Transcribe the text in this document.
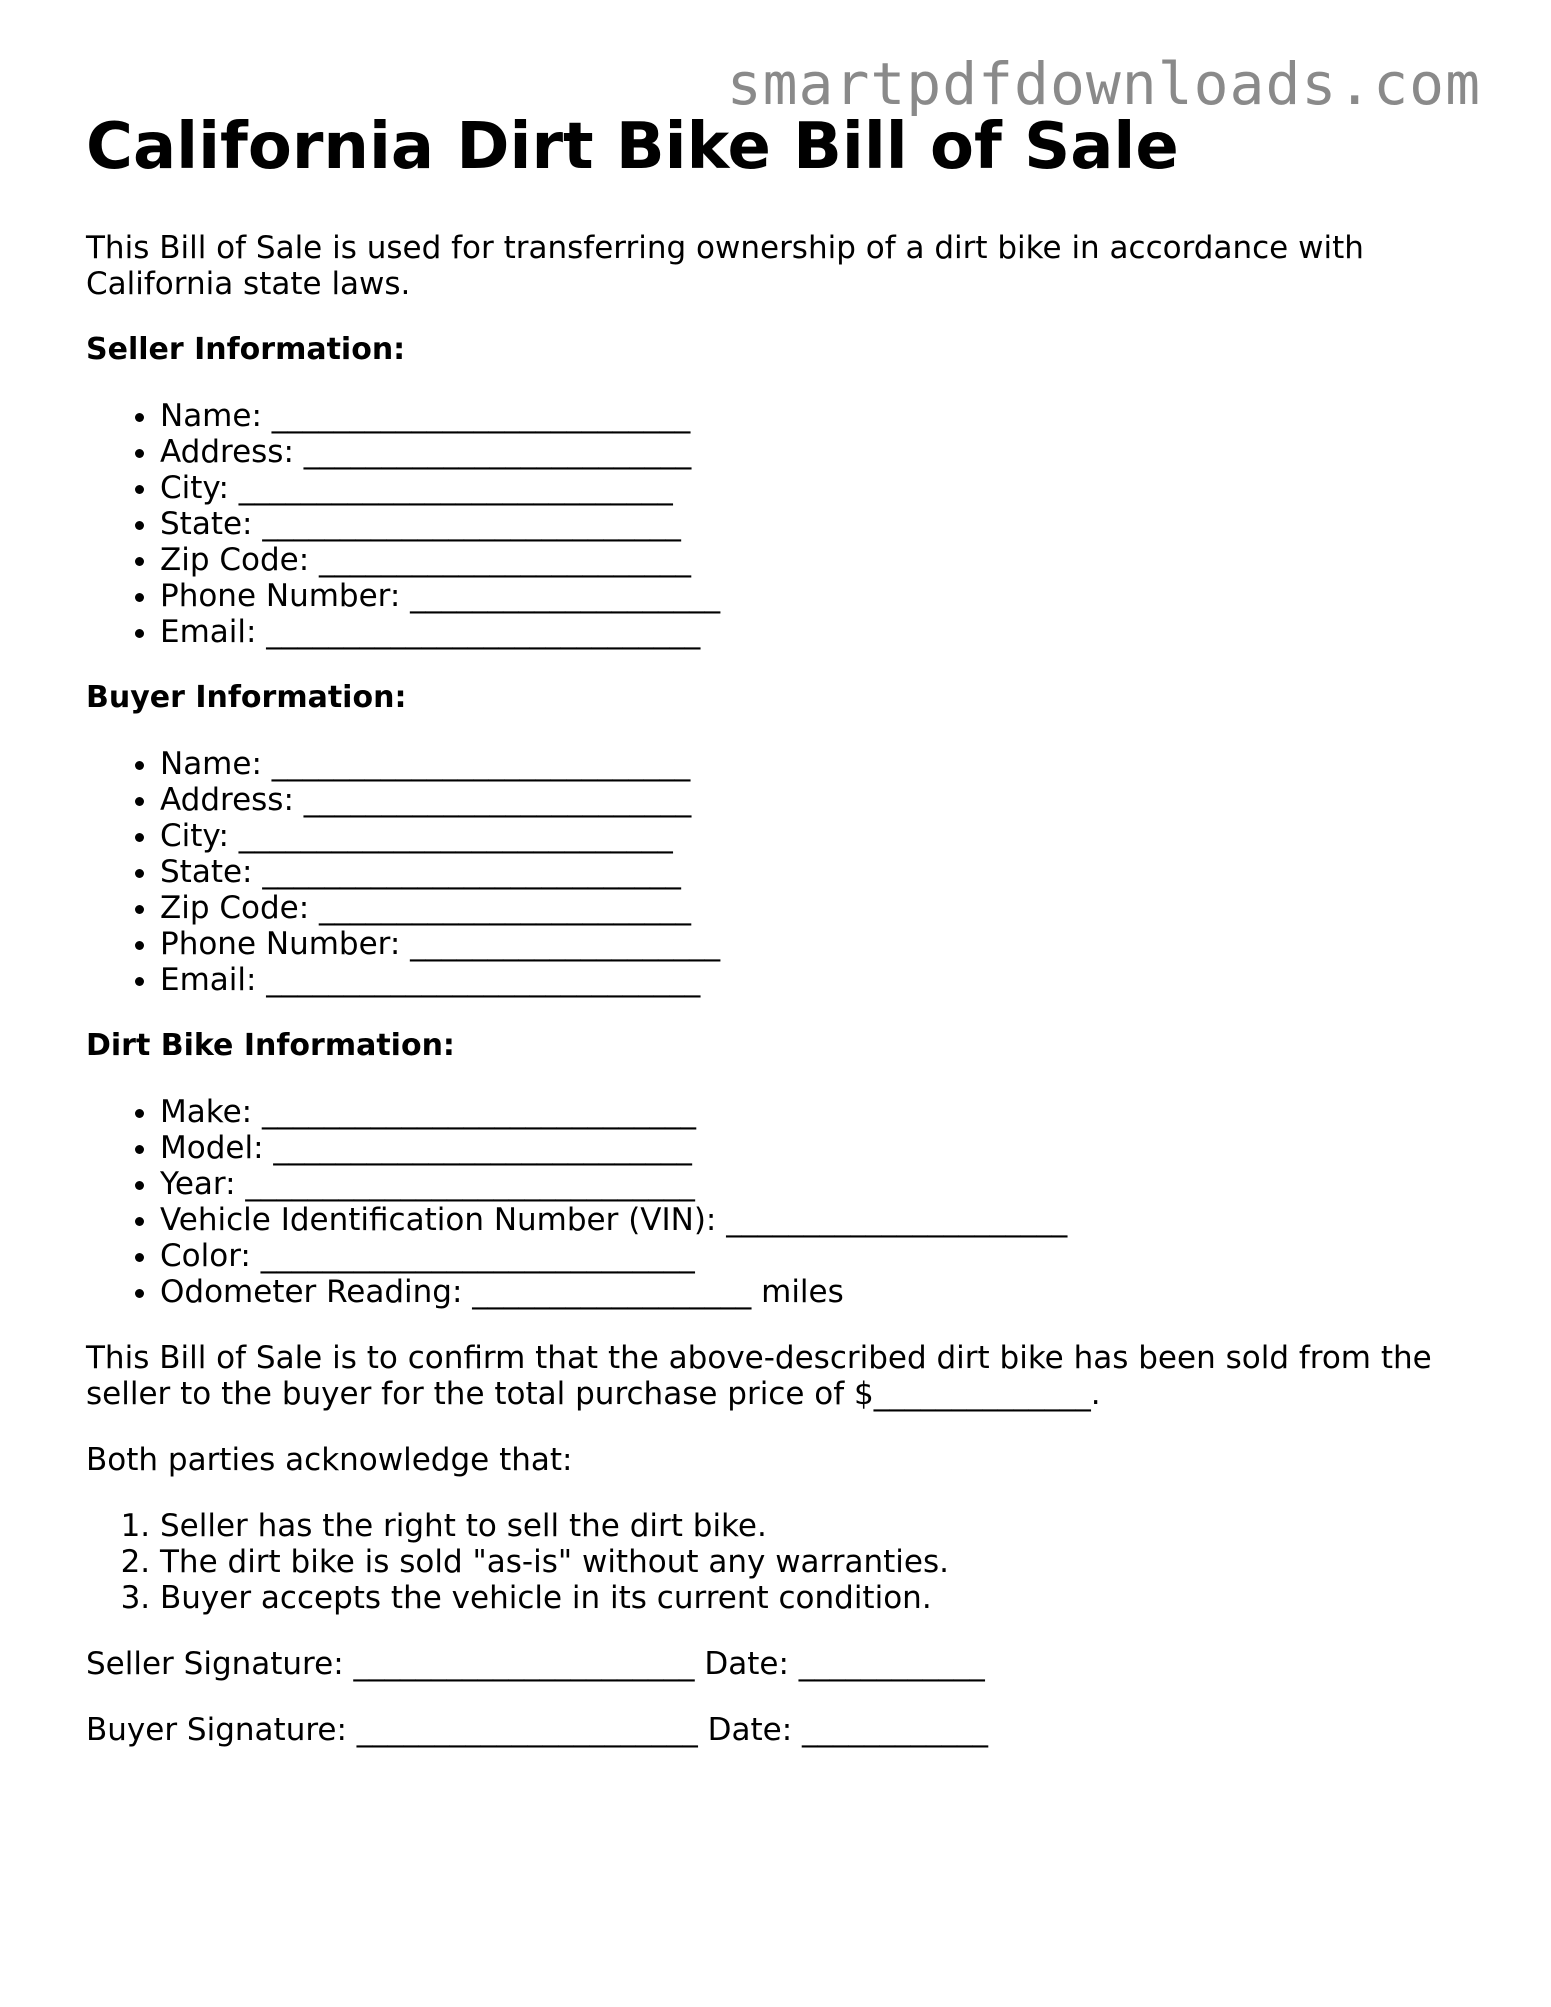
smartpdfdownloads.com
California Dirt Bike Bill of Sale

This Bill of Sale is used for transferring ownership of a dirt bike in accordance with California state laws.

Seller Information:
• Name: ___________________________
• Address: _________________________
• City: ____________________________
• State: ___________________________
• Zip Code: ________________________
• Phone Number: ____________________
• Email: ____________________________
Buyer Information:
• Name: ___________________________
• Address: _________________________
• City: ____________________________
• State: ___________________________
• Zip Code: ________________________
• Phone Number: ____________________
• Email: ____________________________
Dirt Bike Information:
• Make: ____________________________
• Model: ___________________________
• Year: _____________________________
• Vehicle Identification Number (VIN): ______________________
• Color: ____________________________
• Odometer Reading: __________________ miles

This Bill of Sale is to confirm that the above-described dirt bike has been sold from the seller to the buyer for the total purchase price of $______________.

Both parties acknowledge that:

1. Seller has the right to sell the dirt bike.
2. The dirt bike is sold "as-is" without any warranties.
3. Buyer accepts the vehicle in its current condition.

Seller Signature: ______________________ Date: ____________

Buyer Signature: ______________________ Date: ____________
